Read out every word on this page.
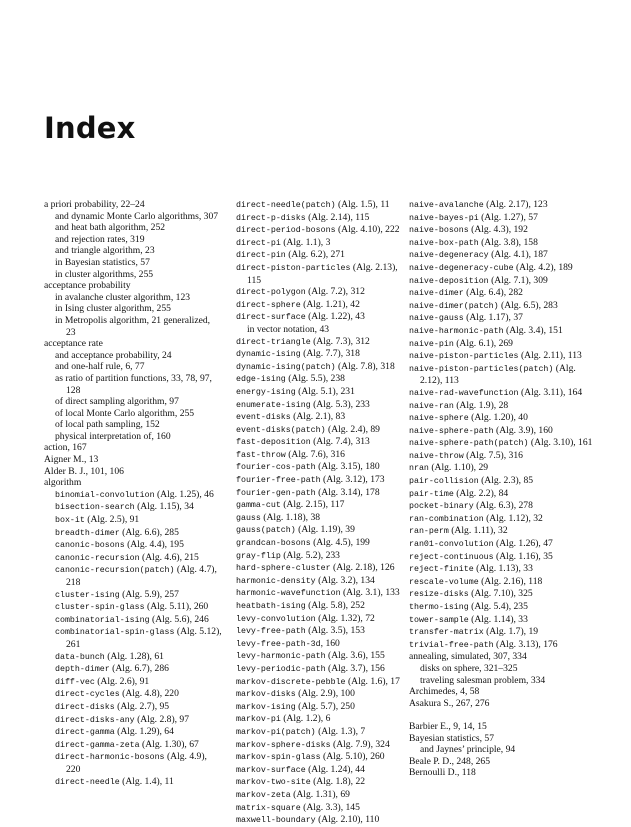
Index
a priori probability, 22–24
and dynamic Monte Carlo algorithms, 307
and heat bath algorithm, 252
and rejection rates, 319
and triangle algorithm, 23
in Bayesian statistics, 57
in cluster algorithms, 255
acceptance probability
in avalanche cluster algorithm, 123
in Ising cluster algorithm, 255
in Metropolis algorithm, 21 generalized, 23
acceptance rate
and acceptance probability, 24
and one-half rule, 6, 77
as ratio of partition functions, 33, 78, 97, 128
of direct sampling algorithm, 97
of local Monte Carlo algorithm, 255
of local path sampling, 152
physical interpretation of, 160
action, 167
Aigner M., 13
Alder B. J., 101, 106
algorithm
binomial-convolution (Alg. 1.25), 46
bisection-search (Alg. 1.15), 34
box-it (Alg. 2.5), 91
breadth-dimer (Alg. 6.6), 285
canonic-bosons (Alg. 4.4), 195
canonic-recursion (Alg. 4.6), 215
canonic-recursion(patch) (Alg. 4.7), 218
cluster-ising (Alg. 5.9), 257
cluster-spin-glass (Alg. 5.11), 260
combinatorial-ising (Alg. 5.6), 246
combinatorial-spin-glass (Alg. 5.12), 261
data-bunch (Alg. 1.28), 61
depth-dimer (Alg. 6.7), 286
diff-vec (Alg. 2.6), 91
direct-cycles (Alg. 4.8), 220
direct-disks (Alg. 2.7), 95
direct-disks-any (Alg. 2.8), 97
direct-gamma (Alg. 1.29), 64
direct-gamma-zeta (Alg. 1.30), 67
direct-harmonic-bosons (Alg. 4.9), 220
direct-needle (Alg. 1.4), 11
direct-needle(patch) (Alg. 1.5), 11
direct-p-disks (Alg. 2.14), 115
direct-period-bosons (Alg. 4.10), 222
direct-pi (Alg. 1.1), 3
direct-pin (Alg. 6.2), 271
direct-piston-particles (Alg. 2.13), 115
direct-polygon (Alg. 7.2), 312
direct-sphere (Alg. 1.21), 42
direct-surface (Alg. 1.22), 43
in vector notation, 43
direct-triangle (Alg. 7.3), 312
dynamic-ising (Alg. 7.7), 318
dynamic-ising(patch) (Alg. 7.8), 318
edge-ising (Alg. 5.5), 238
energy-ising (Alg. 5.1), 231
enumerate-ising (Alg. 5.3), 233
event-disks (Alg. 2.1), 83
event-disks(patch) (Alg. 2.4), 89
fast-deposition (Alg. 7.4), 313
fast-throw (Alg. 7.6), 316
fourier-cos-path (Alg. 3.15), 180
fourier-free-path (Alg. 3.12), 173
fourier-gen-path (Alg. 3.14), 178
gamma-cut (Alg. 2.15), 117
gauss (Alg. 1.18), 38
gauss(patch) (Alg. 1.19), 39
grandcan-bosons (Alg. 4.5), 199
gray-flip (Alg. 5.2), 233
hard-sphere-cluster (Alg. 2.18), 126
harmonic-density (Alg. 3.2), 134
harmonic-wavefunction (Alg. 3.1), 133
heatbath-ising (Alg. 5.8), 252
levy-convolution (Alg. 1.32), 72
levy-free-path (Alg. 3.5), 153
levy-free-path-3d, 160
levy-harmonic-path (Alg. 3.6), 155
levy-periodic-path (Alg. 3.7), 156
markov-discrete-pebble (Alg. 1.6), 17
markov-disks (Alg. 2.9), 100
markov-ising (Alg. 5.7), 250
markov-pi (Alg. 1.2), 6
markov-pi(patch) (Alg. 1.3), 7
markov-sphere-disks (Alg. 7.9), 324
markov-spin-glass (Alg. 5.10), 260
markov-surface (Alg. 1.24), 44
markov-two-site (Alg. 1.8), 22
markov-zeta (Alg. 1.31), 69
matrix-square (Alg. 3.3), 145
maxwell-boundary (Alg. 2.10), 110
naive-avalanche (Alg. 2.17), 123
naive-bayes-pi (Alg. 1.27), 57
naive-bosons (Alg. 4.3), 192
naive-box-path (Alg. 3.8), 158
naive-degeneracy (Alg. 4.1), 187
naive-degeneracy-cube (Alg. 4.2), 189
naive-deposition (Alg. 7.1), 309
naive-dimer (Alg. 6.4), 282
naive-dimer(patch) (Alg. 6.5), 283
naive-gauss (Alg. 1.17), 37
naive-harmonic-path (Alg. 3.4), 151
naive-pin (Alg. 6.1), 269
naive-piston-particles (Alg. 2.11), 113
naive-piston-particles(patch) (Alg. 2.12), 113
naive-rad-wavefunction (Alg. 3.11), 164
naive-ran (Alg. 1.9), 28
naive-sphere (Alg. 1.20), 40
naive-sphere-path (Alg. 3.9), 160
naive-sphere-path(patch) (Alg. 3.10), 161
naive-throw (Alg. 7.5), 316
nran (Alg. 1.10), 29
pair-collision (Alg. 2.3), 85
pair-time (Alg. 2.2), 84
pocket-binary (Alg. 6.3), 278
ran-combination (Alg. 1.12), 32
ran-perm (Alg. 1.11), 32
ran01-convolution (Alg. 1.26), 47
reject-continuous (Alg. 1.16), 35
reject-finite (Alg. 1.13), 33
rescale-volume (Alg. 2.16), 118
resize-disks (Alg. 7.10), 325
thermo-ising (Alg. 5.4), 235
tower-sample (Alg. 1.14), 33
transfer-matrix (Alg. 1.7), 19
trivial-free-path (Alg. 3.13), 176
annealing, simulated, 307, 334
disks on sphere, 321–325
traveling salesman problem, 334
Archimedes, 4, 58
Asakura S., 267, 276
Barbier E., 9, 14, 15
Bayesian statistics, 57
and Jaynes’ principle, 94
Beale P. D., 248, 265
Bernoulli D., 118
